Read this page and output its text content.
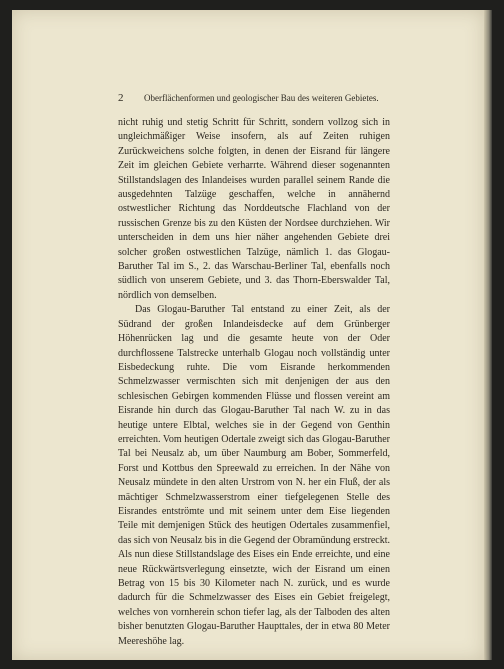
2 Oberflächenformen und geologischer Bau des weiteren Gebietes.

nicht ruhig und stetig Schritt für Schritt, sondern vollzog sich in ungleichmäßiger Weise insofern, als auf Zeiten ruhigen Zurückweichens solche folgten, in denen der Eisrand für längere Zeit im gleichen Gebiete verharrte. Während dieser sogenannten Stillstandslagen des Inlandeises wurden parallel seinem Rande die ausgedehnten Talzüge geschaffen, welche in annähernd ostwestlicher Richtung das Norddeutsche Flachland von der russischen Grenze bis zu den Küsten der Nordsee durchziehen. Wir unterscheiden in dem uns hier näher angehenden Gebiete drei solcher großen ostwestlichen Talzüge, nämlich 1. das Glogau-Baruther Tal im S., 2. das Warschau-Berliner Tal, ebenfalls noch südlich von unserem Gebiete, und 3. das Thorn-Eberswalder Tal, nördlich von demselben.

Das Glogau-Baruther Tal entstand zu einer Zeit, als der Südrand der großen Inlandeisdecke auf dem Grünberger Höhenrücken lag und die gesamte heute von der Oder durchflossene Talstrecke unterhalb Glogau noch vollständig unter Eisbedeckung ruhte. Die vom Eisrande herkommenden Schmelzwasser vermischten sich mit denjenigen der aus den schlesischen Gebirgen kommenden Flüsse und flossen vereint am Eisrande hin durch das Glogau-Baruther Tal nach W. zu in das heutige untere Elbtal, welches sie in der Gegend von Genthin erreichten. Vom heutigen Odertale zweigt sich das Glogau-Baruther Tal bei Neusalz ab, um über Naumburg am Bober, Sommerfeld, Forst und Kottbus den Spreewald zu erreichen. In der Nähe von Neusalz mündete in den alten Urstrom von N. her ein Fluß, der als mächtiger Schmelzwasserstrom einer tiefgelegenen Stelle des Eisrandes entströmte und mit seinem unter dem Eise liegenden Teile mit demjenigen Stück des heutigen Odertales zusammenfiel, das sich von Neusalz bis in die Gegend der Obramündung erstreckt. Als nun diese Stillstandslage des Eises ein Ende erreichte, und eine neue Rückwärtsverlegung einsetzte, wich der Eisrand um einen Betrag von 15 bis 30 Kilometer nach N. zurück, und es wurde dadurch für die Schmelzwasser des Eises ein Gebiet freigelegt, welches von vornherein schon tiefer lag, als der Talboden des alten bisher benutzten Glogau-Baruther Haupttales, der in etwa 80 Meter Meereshöhe lag.
